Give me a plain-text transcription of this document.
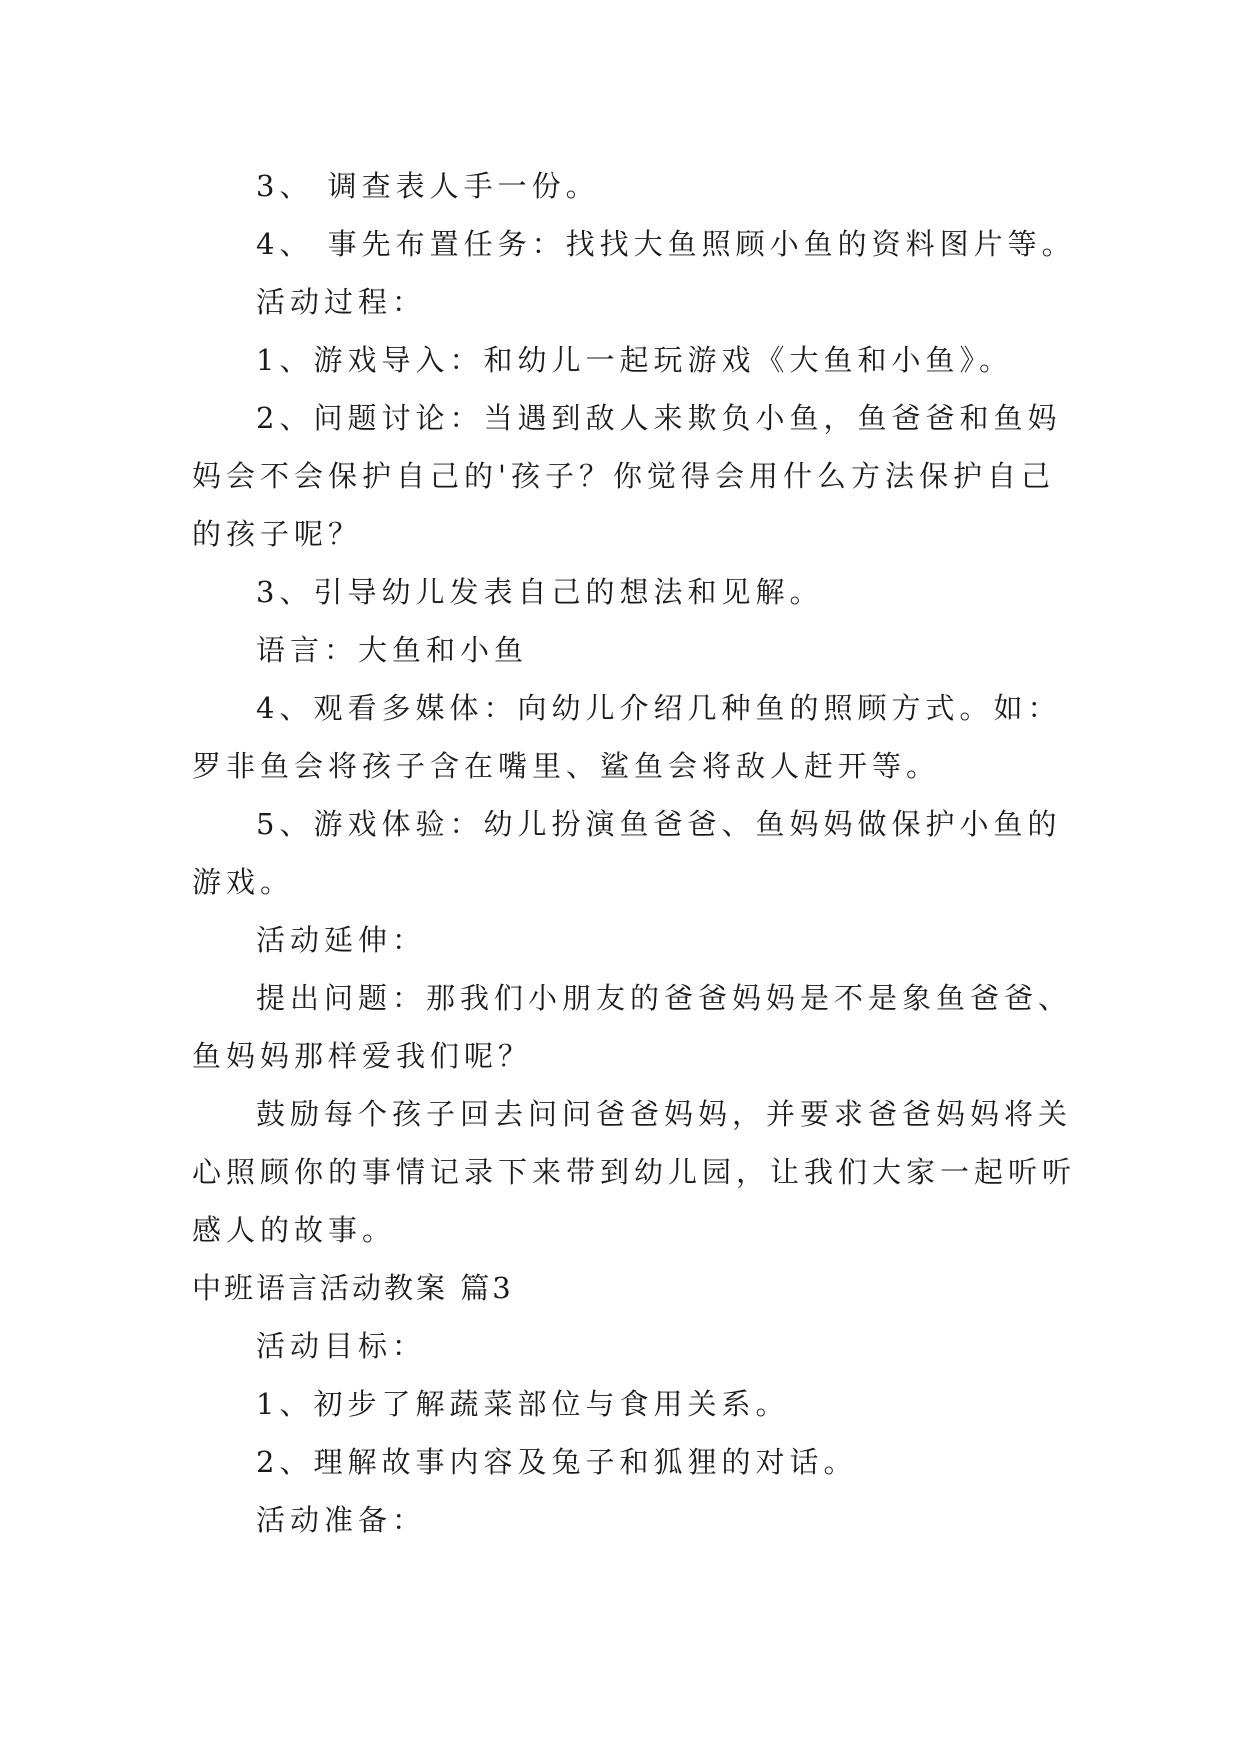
3、 调查表人手一份。
4、 事先布置任务：找找大鱼照顾小鱼的资料图片等。
活动过程：
1、游戏导入：和幼儿一起玩游戏《大鱼和小鱼》。
2、问题讨论：当遇到敌人来欺负小鱼，鱼爸爸和鱼妈
妈会不会保护自己的'孩子？你觉得会用什么方法保护自己
的孩子呢？
3、引导幼儿发表自己的想法和见解。
语言：大鱼和小鱼
4、观看多媒体：向幼儿介绍几种鱼的照顾方式。如：
罗非鱼会将孩子含在嘴里、鲨鱼会将敌人赶开等。
5、游戏体验：幼儿扮演鱼爸爸、鱼妈妈做保护小鱼的
游戏。
活动延伸：
提出问题：那我们小朋友的爸爸妈妈是不是象鱼爸爸、
鱼妈妈那样爱我们呢？
鼓励每个孩子回去问问爸爸妈妈，并要求爸爸妈妈将关
心照顾你的事情记录下来带到幼儿园，让我们大家一起听听
感人的故事。
中班语言活动教案 篇3
活动目标：
1、初步了解蔬菜部位与食用关系。
2、理解故事内容及兔子和狐狸的对话。
活动准备：
